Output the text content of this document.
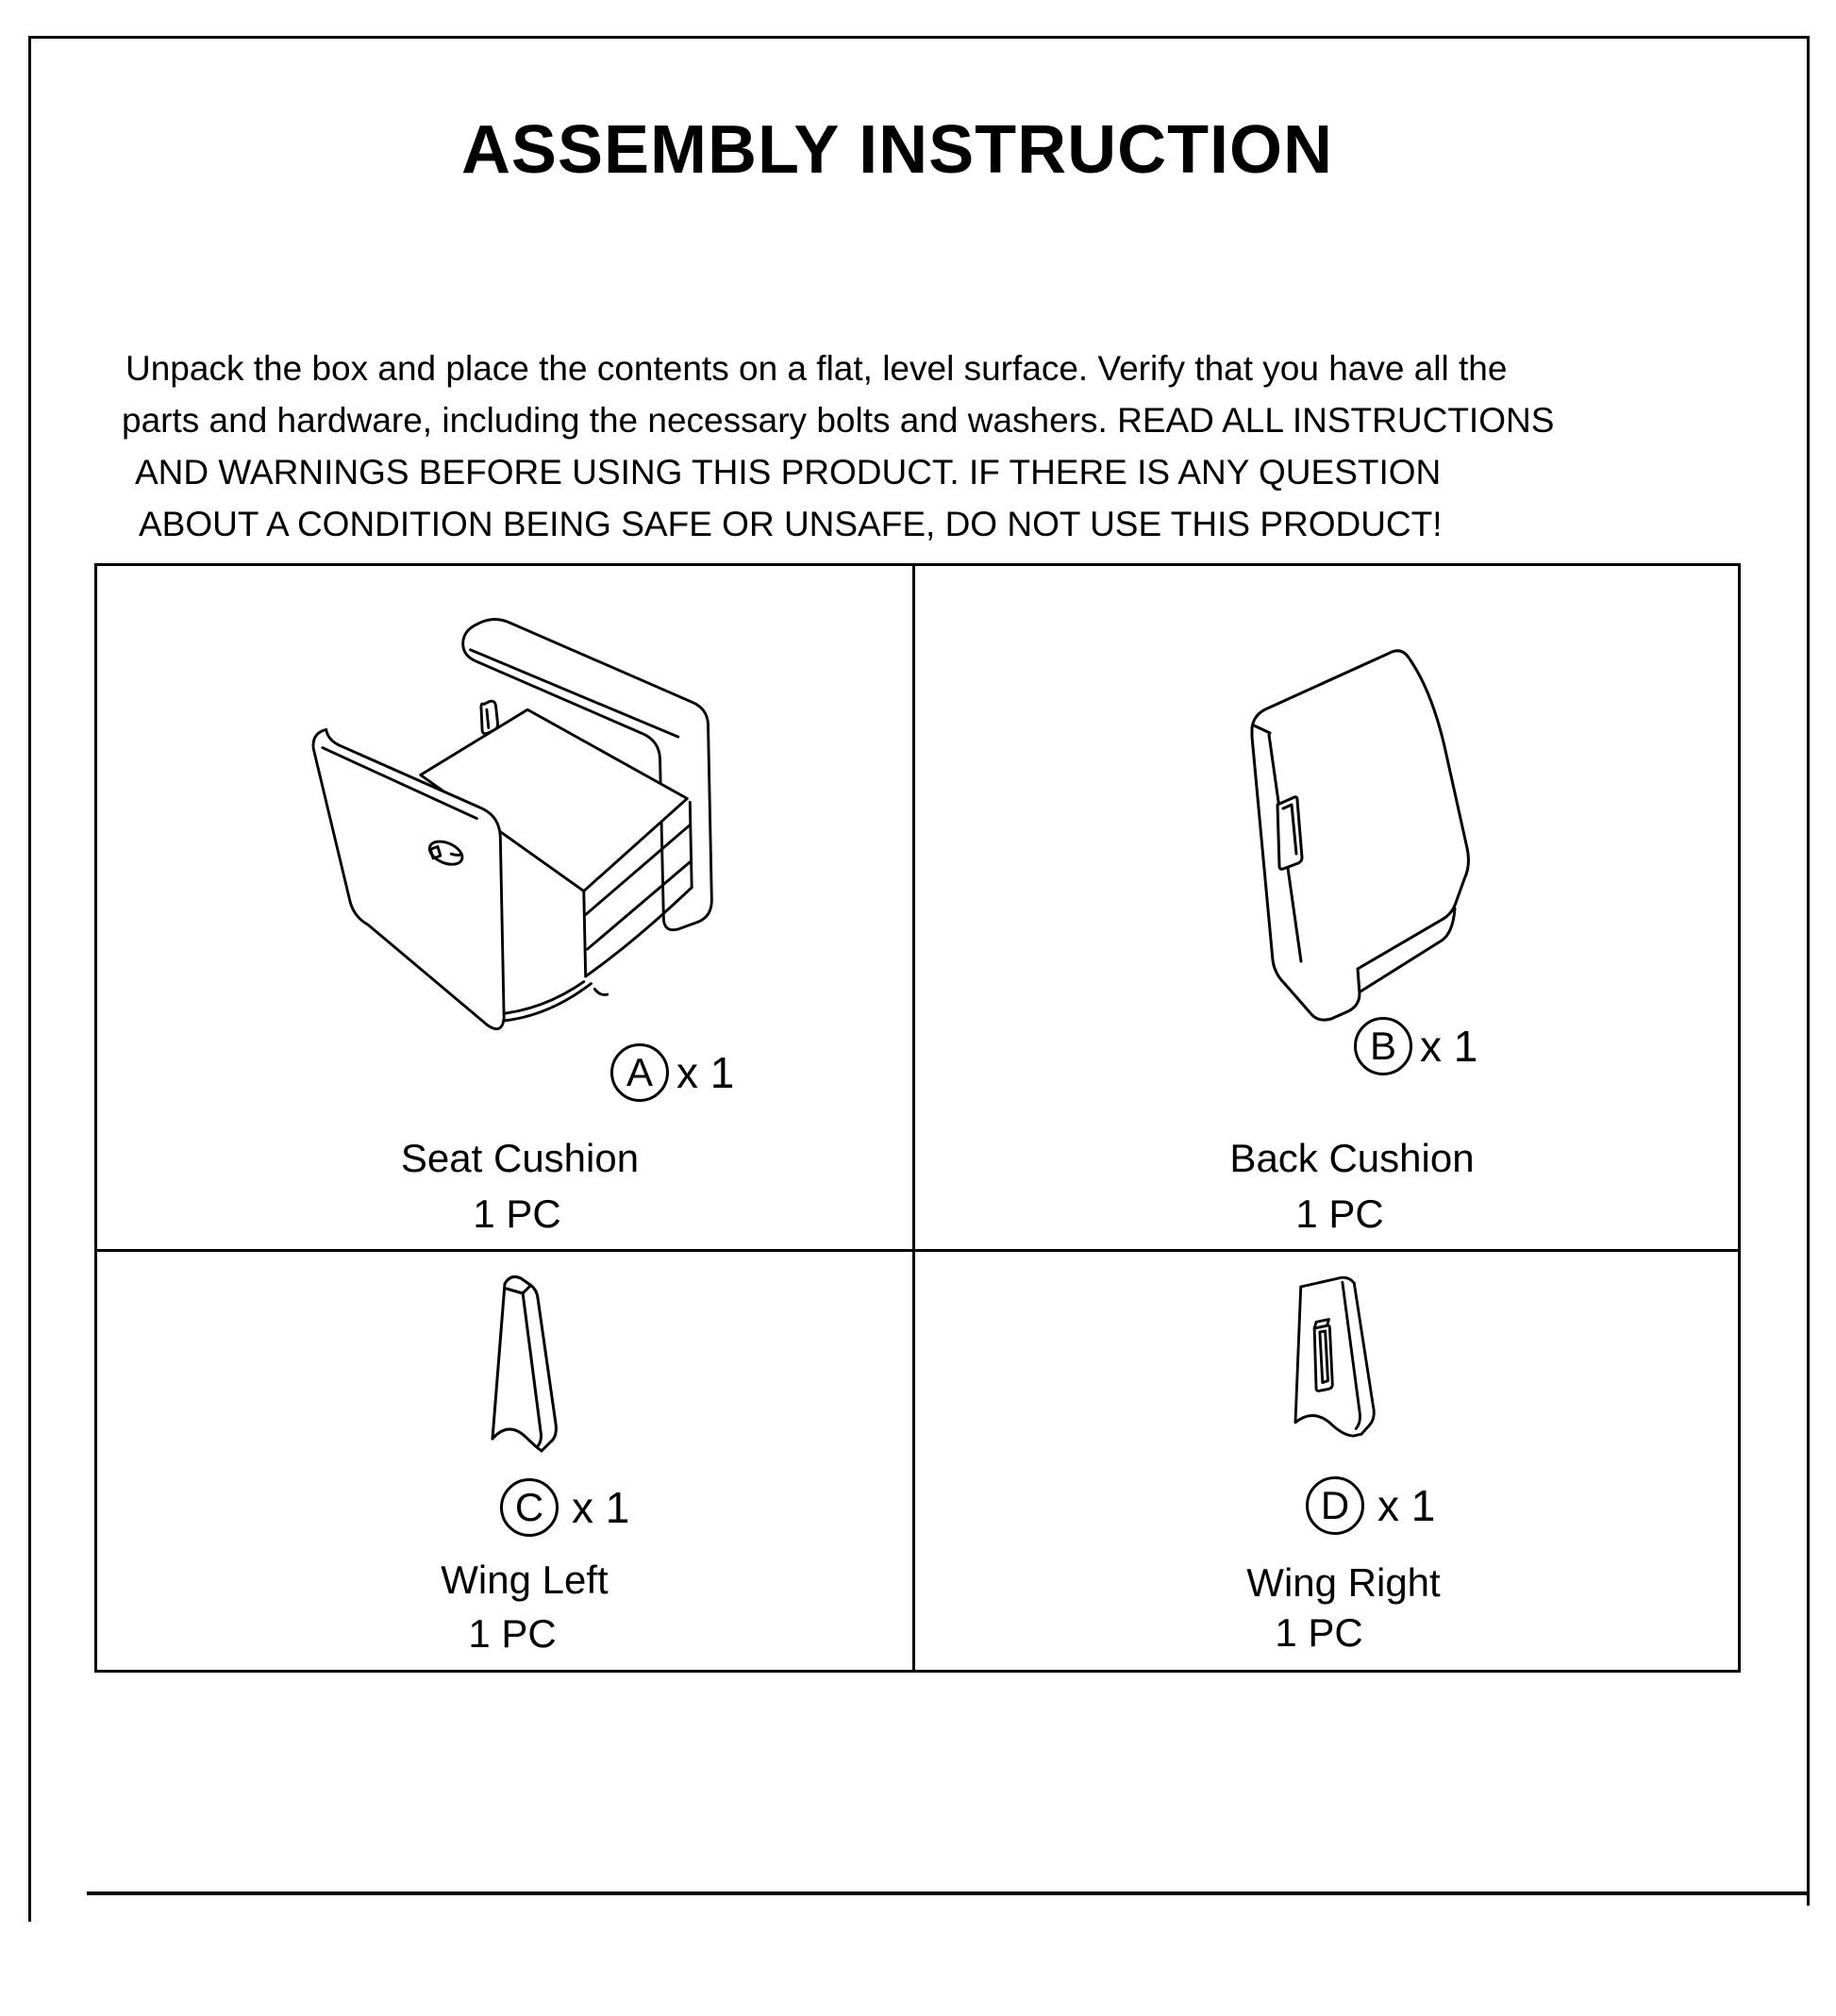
ASSEMBLY INSTRUCTION
Unpack the box and place the contents on a flat, level surface. Verify that you have all the
parts and hardware, including the necessary bolts and washers. READ ALL INSTRUCTIONS
AND WARNINGS BEFORE USING THIS PRODUCT. IF THERE IS ANY QUESTION
ABOUT A CONDITION BEING SAFE OR UNSAFE, DO NOT USE THIS PRODUCT!
A x 1
Seat Cushion
1 PC
B x 1
Back Cushion
1 PC
C x 1
Wing Left
1 PC
D x 1
Wing Right
1 PC
